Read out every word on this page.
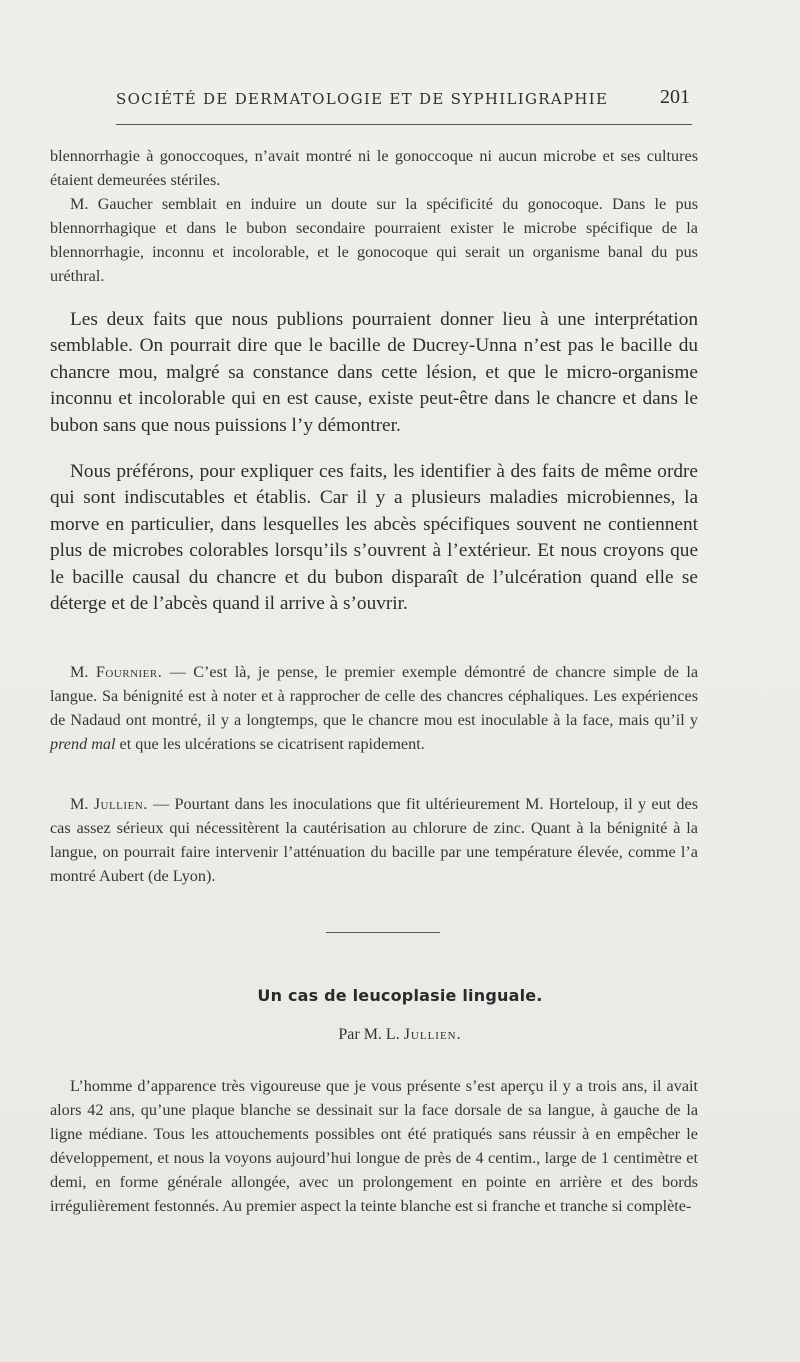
SOCIÉTÉ DE DERMATOLOGIE ET DE SYPHILIGRAPHIE	201

blennorrhagie à gonoccoques, n’avait montré ni le gonoccoque ni aucun microbe et ses cultures étaient demeurées stériles.

M. Gaucher semblait en induire un doute sur la spécificité du gonocoque. Dans le pus blennorrhagique et dans le bubon secondaire pourraient exister le microbe spécifique de la blennorrhagie, inconnu et incolorable, et le gonocoque qui serait un organisme banal du pus uréthral.

Les deux faits que nous publions pourraient donner lieu à une interprétation semblable. On pourrait dire que le bacille de Ducrey-Unna n’est pas le bacille du chancre mou, malgré sa constance dans cette lésion, et que le micro-organisme inconnu et incolorable qui en est cause, existe peut-être dans le chancre et dans le bubon sans que nous puissions l’y démontrer.

Nous préférons, pour expliquer ces faits, les identifier à des faits de même ordre qui sont indiscutables et établis. Car il y a plusieurs maladies microbiennes, la morve en particulier, dans lesquelles les abcès spécifiques souvent ne contiennent plus de microbes colorables lorsqu’ils s’ouvrent à l’extérieur. Et nous croyons que le bacille causal du chancre et du bubon disparaît de l’ulcération quand elle se déterge et de l’abcès quand il arrive à s’ouvrir.

M. Fournier. — C’est là, je pense, le premier exemple démontré de chancre simple de la langue. Sa bénignité est à noter et à rapprocher de celle des chancres céphaliques. Les expériences de Nadaud ont montré, il y a longtemps, que le chancre mou est inoculable à la face, mais qu’il y prend mal et que les ulcérations se cicatrisent rapidement.

M. Jullien. — Pourtant dans les inoculations que fit ultérieurement M. Horteloup, il y eut des cas assez sérieux qui nécessitèrent la cautérisation au chlorure de zinc. Quant à la bénignité à la langue, on pourrait faire intervenir l’atténuation du bacille par une température élevée, comme l’a montré Aubert (de Lyon).

Un cas de leucoplasie linguale.
Par M. L. Jullien.

L’homme d’apparence très vigoureuse que je vous présente s’est aperçu il y a trois ans, il avait alors 42 ans, qu’une plaque blanche se dessinait sur la face dorsale de sa langue, à gauche de la ligne médiane. Tous les attouchements possibles ont été pratiqués sans réussir à en empêcher le développement, et nous la voyons aujourd’hui longue de près de 4 centim., large de 1 centimètre et demi, en forme générale allongée, avec un prolongement en pointe en arrière et des bords irrégulièrement festonnés. Au premier aspect la teinte blanche est si franche et tranche si complète-
